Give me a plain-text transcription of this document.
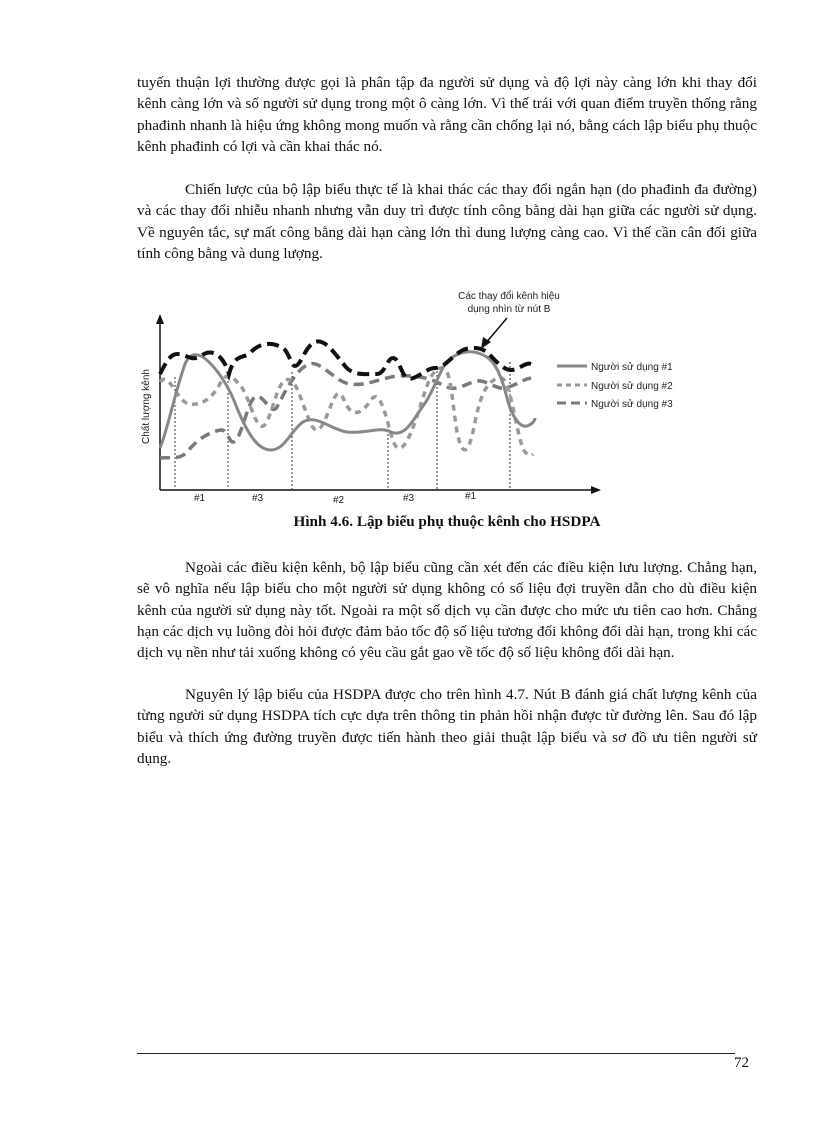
tuyến thuận lợi thường được gọi là phân tập đa người sử dụng và độ lợi này càng lớn khi thay đổi kênh càng lớn và số người sử dụng trong một ô càng lớn. Vì thế trái với quan điểm truyền thống rằng phađinh nhanh là hiệu ứng không mong muốn và rằng cần chống lại nó, bằng cách lập biểu phụ thuộc kênh phađinh có lợi và cần khai thác nó.

Chiến lược của bộ lập biểu thực tế là khai thác các thay đổi ngắn hạn (do phađinh đa đường) và các thay đổi nhiễu nhanh nhưng vẫn duy trì được tính công bằng dài hạn giữa các người sử dụng. Về nguyên tắc, sự mất công bằng dài hạn càng lớn thì dung lượng càng cao. Vì thế cần cân đối giữa tính công bằng và dung lượng.

Chất lượng kênh
#1	#3	#2	#3	#1
Các thay đổi kênh hiệu
dụng nhìn từ nút B
Người sử dụng #1
Người sử dụng #2
Người sử dụng #3
Hình 4.6. Lập biểu phụ thuộc kênh cho HSDPA

Ngoài các điều kiện kênh, bộ lập biểu cũng cần xét đến các điều kiện lưu lượng. Chẳng hạn, sẽ vô nghĩa nếu lập biểu cho một người sử dụng không có số liệu đợi truyền dẫn cho dù điều kiện kênh của người sử dụng này tốt. Ngoài ra một số dịch vụ cần được cho mức ưu tiên cao hơn. Chẳng hạn các dịch vụ luồng đòi hỏi được đảm bảo tốc độ số liệu tương đối không đổi dài hạn, trong khi các dịch vụ nền như tải xuống không có yêu cầu gắt gao về tốc độ số liệu không đổi dài hạn.

Nguyên lý lập biểu của HSDPA được cho trên hình 4.7. Nút B đánh giá chất lượng kênh của từng người sử dụng HSDPA tích cực dựa trên thông tin phản hồi nhận được từ đường lên. Sau đó lập biểu và thích ứng đường truyền được tiến hành theo giải thuật lập biểu và sơ đồ ưu tiên người sử dụng.

72
